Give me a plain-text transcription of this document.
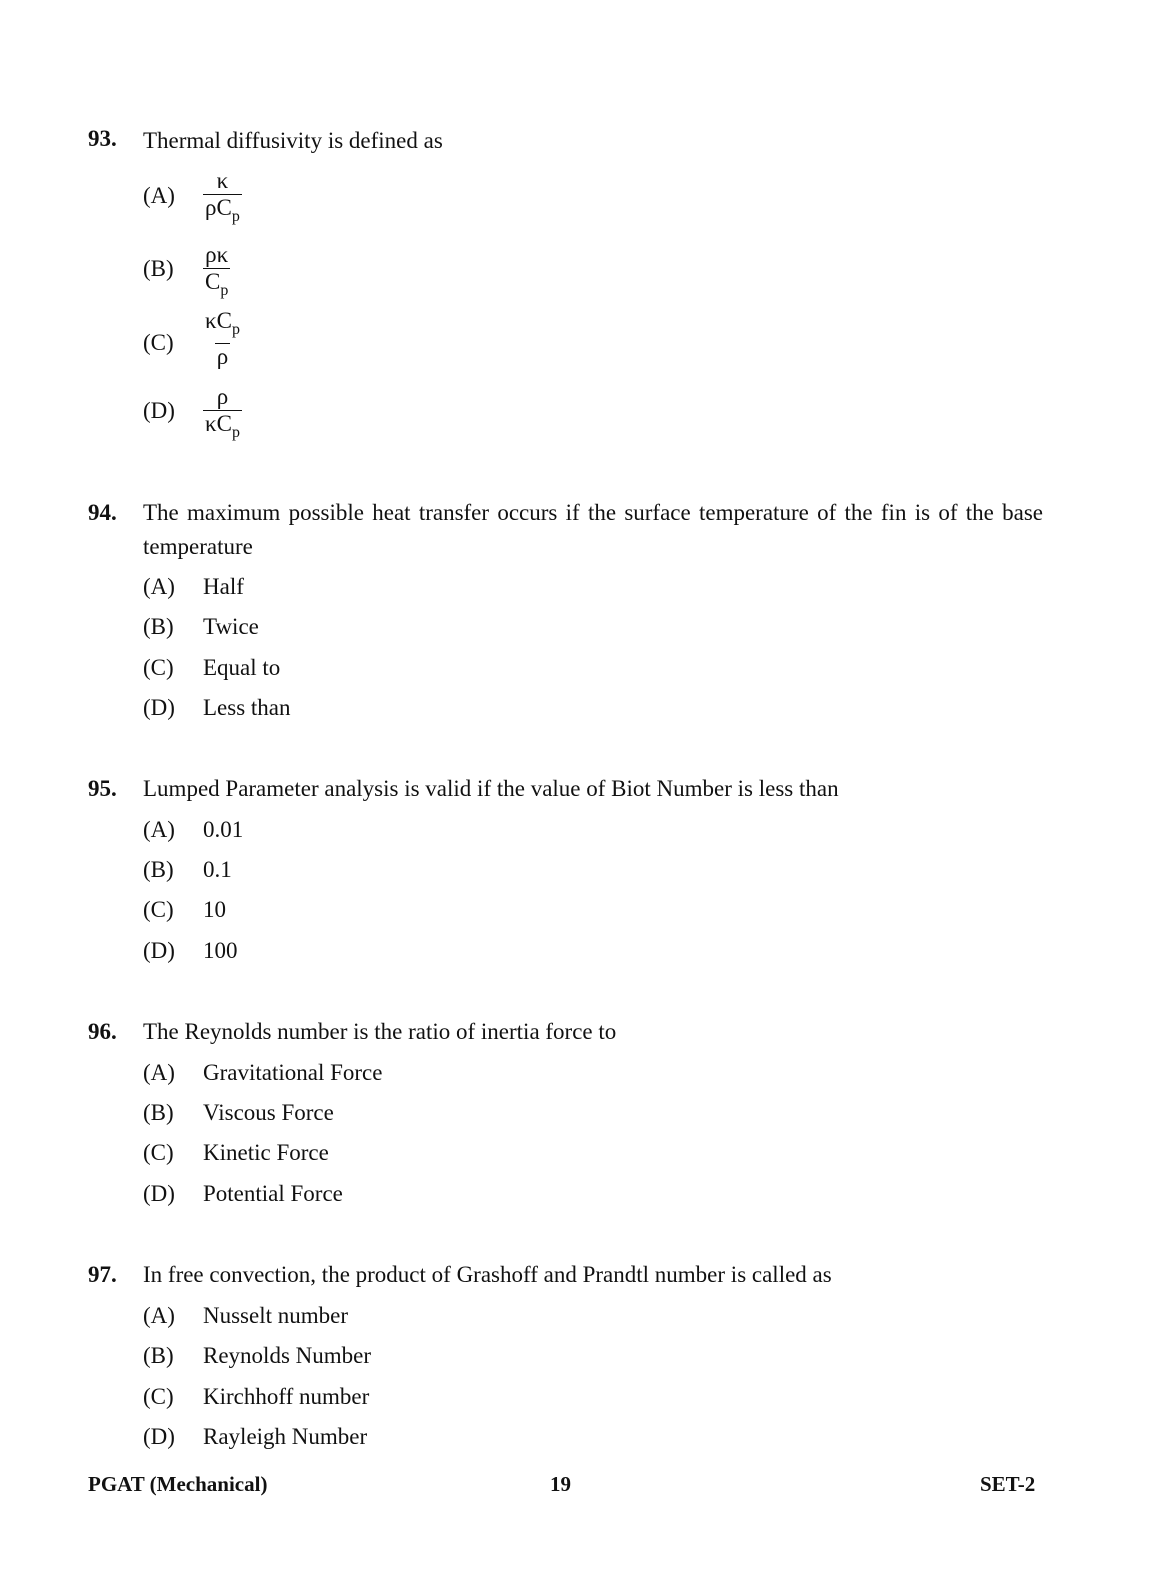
93. Thermal diffusivity is defined as
(A)
κ
$\rho C_p$
$(B) \frac{\rho\kappa}{C_p}$
(C)
$\kappa C_p$
ρ
(D)
ρ
$\kappa C_p$
94. The maximum possible heat transfer occurs if the surface temperature of the fin is of the base temperature
(A) Half
(B) Twice
(C) Equal to
(D) Less than
95. Lumped Parameter analysis is valid if the value of Biot Number is less than
(A) 0.01
(B) 0.1
(C) 10
(D) 100
96. The Reynolds number is the ratio of inertia force to
(A) Gravitational Force
(B) Viscous Force
(C) Kinetic Force
(D) Potential Force
97. In free convection, the product of Grashoff and Prandtl number is called as
(A) Nusselt number
(B) Reynolds Number
(C) Kirchhoff number
(D) Rayleigh Number
PGAT (Mechanical)	19	SET-2
